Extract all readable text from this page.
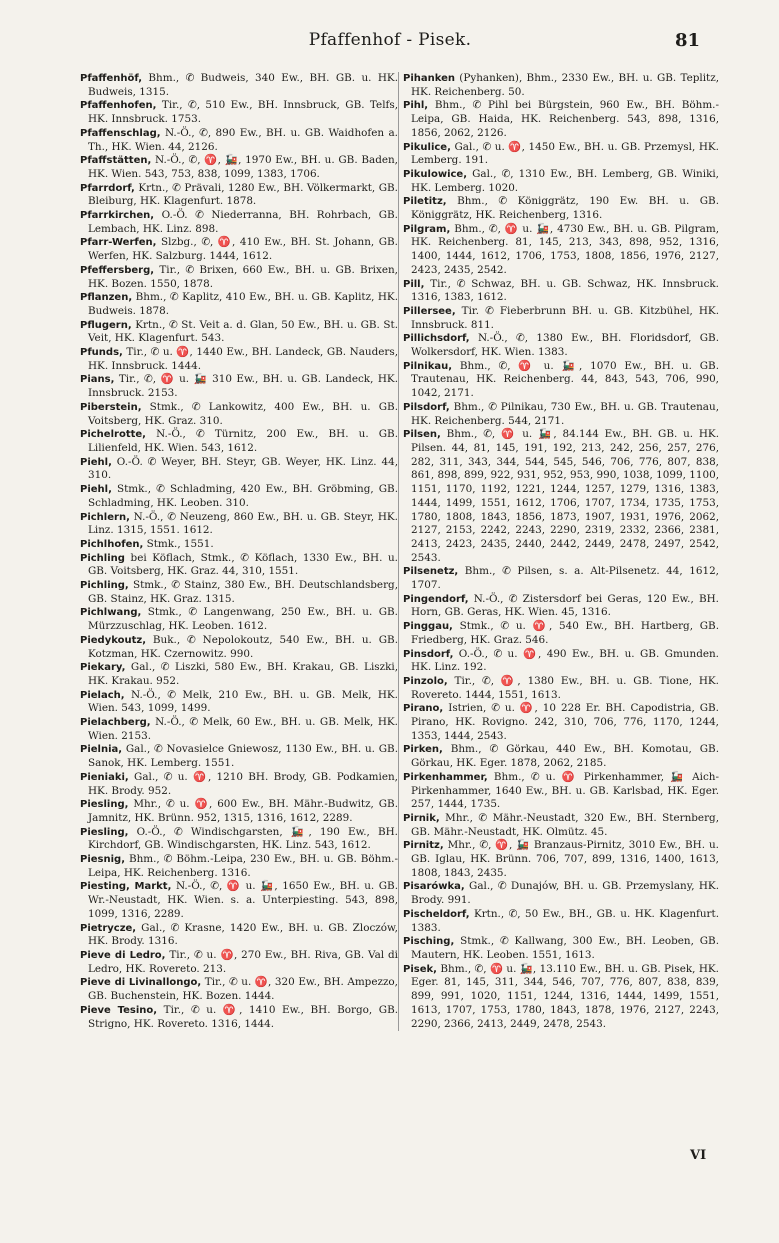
Pfaffenhof - Pisek.	81

Pfaffenhöf, Bhm., ✆ Budweis, 340 Ew., BH. GB. u. HK. Budweis, 1315.

Pfaffenhofen, Tir., ✆, 510 Ew., BH. Innsbruck, GB. Telfs, HK. Innsbruck. 1753.

Pfaffenschlag, N.-Ö., ✆, 890 Ew., BH. u. GB. Waidhofen a. Th., HK. Wien. 44, 2126.

Pfaffstätten, N.-Ö., ✆, ♈, 🚂, 1970 Ew., BH. u. GB. Baden, HK. Wien. 543, 753, 838, 1099, 1383, 1706.

Pfarrdorf, Krtn., ✆ Prävali, 1280 Ew., BH. Völkermarkt, GB. Bleiburg, HK. Klagenfurt. 1878.

Pfarrkirchen, O.-Ö. ✆ Niederranna, BH. Rohrbach, GB. Lembach, HK. Linz. 898.

Pfarr-Werfen, Slzbg., ✆, ♈, 410 Ew., BH. St. Johann, GB. Werfen, HK. Salzburg. 1444, 1612.

Pfeffersberg, Tir., ✆ Brixen, 660 Ew., BH. u. GB. Brixen, HK. Bozen. 1550, 1878.

Pflanzen, Bhm., ✆ Kaplitz, 410 Ew., BH. u. GB. Kaplitz, HK. Budweis. 1878.

Pflugern, Krtn., ✆ St. Veit a. d. Glan, 50 Ew., BH. u. GB. St. Veit, HK. Klagenfurt. 543.

Pfunds, Tir., ✆ u. ♈, 1440 Ew., BH. Landeck, GB. Nauders, HK. Innsbruck. 1444.

Pians, Tir., ✆, ♈ u. 🚂 310 Ew., BH. u. GB. Landeck, HK. Innsbruck. 2153.

Piberstein, Stmk., ✆ Lankowitz, 400 Ew., BH. u. GB. Voitsberg, HK. Graz. 310.

Pichelrotte, N.-Ö., ✆ Türnitz, 200 Ew., BH. u. GB. Lilienfeld, HK. Wien. 543, 1612.

Piehl, O.-Ö. ✆ Weyer, BH. Steyr, GB. Weyer, HK. Linz. 44, 310.

Piehl, Stmk., ✆ Schladming, 420 Ew., BH. Gröbming, GB. Schladming, HK. Leoben. 310.

Pichlern, N.-Ö., ✆ Neuzeng, 860 Ew., BH. u. GB. Steyr, HK. Linz. 1315, 1551. 1612.

Pichlhofen, Stmk., 1551.

Pichling bei Köflach, Stmk., ✆ Köflach, 1330 Ew., BH. u. GB. Voitsberg, HK. Graz. 44, 310, 1551.

Pichling, Stmk., ✆ Stainz, 380 Ew., BH. Deutschlandsberg, GB. Stainz, HK. Graz. 1315.

Pichlwang, Stmk., ✆ Langenwang, 250 Ew., BH. u. GB. Mürzzuschlag, HK. Leoben. 1612.

Piedykoutz, Buk., ✆ Nepolokoutz, 540 Ew., BH. u. GB. Kotzman, HK. Czernowitz. 990.

Piekary, Gal., ✆ Liszki, 580 Ew., BH. Krakau, GB. Liszki, HK. Krakau. 952.

Pielach, N.-Ö., ✆ Melk, 210 Ew., BH. u. GB. Melk, HK. Wien. 543, 1099, 1499.

Pielachberg, N.-Ö., ✆ Melk, 60 Ew., BH. u. GB. Melk, HK. Wien. 2153.

Pielnia, Gal., ✆ Novasielce Gniewosz, 1130 Ew., BH. u. GB. Sanok, HK. Lemberg. 1551.

Pieniaki, Gal., ✆ u. ♈, 1210 BH. Brody, GB. Podkamien, HK. Brody. 952.

Piesling, Mhr., ✆ u. ♈, 600 Ew., BH. Mähr.-Budwitz, GB. Jamnitz, HK. Brünn. 952, 1315, 1316, 1612, 2289.

Piesling, O.-Ö., ✆ Windischgarsten, 🚂, 190 Ew., BH. Kirchdorf, GB. Windischgarsten, HK. Linz. 543, 1612.

Piesnig, Bhm., ✆ Böhm.-Leipa, 230 Ew., BH. u. GB. Böhm.-Leipa, HK. Reichenberg. 1316.

Piesting, Markt, N.-Ö., ✆, ♈ u. 🚂, 1650 Ew., BH. u. GB. Wr.-Neustadt, HK. Wien. s. a. Unterpiesting. 543, 898, 1099, 1316, 2289.

Pietrycze, Gal., ✆ Krasne, 1420 Ew., BH. u. GB. Zloczów, HK. Brody. 1316.

Pieve di Ledro, Tir., ✆ u. ♈, 270 Ew., BH. Riva, GB. Val di Ledro, HK. Rovereto. 213.

Pieve di Livinallongo, Tir., ✆ u. ♈, 320 Ew., BH. Ampezzo, GB. Buchenstein, HK. Bozen. 1444.

Pieve Tesino, Tir., ✆ u. ♈, 1410 Ew., BH. Borgo, GB. Strigno, HK. Rovereto. 1316, 1444.

Pihanken (Pyhanken), Bhm., 2330 Ew., BH. u. GB. Teplitz, HK. Reichenberg. 50.

Pihl, Bhm., ✆ Pihl bei Bürgstein, 960 Ew., BH. Böhm.-Leipa, GB. Haida, HK. Reichenberg. 543, 898, 1316, 1856, 2062, 2126.

Pikulice, Gal., ✆ u. ♈, 1450 Ew., BH. u. GB. Przemysl, HK. Lemberg. 191.

Pikulowice, Gal., ✆, 1310 Ew., BH. Lemberg, GB. Winiki, HK. Lemberg. 1020.

Piletitz, Bhm., ✆ Königgrätz, 190 Ew. BH. u. GB. Königgrätz, HK. Reichenberg, 1316.

Pilgram, Bhm., ✆, ♈ u. 🚂, 4730 Ew., BH. u. GB. Pilgram, HK. Reichenberg. 81, 145, 213, 343, 898, 952, 1316, 1400, 1444, 1612, 1706, 1753, 1808, 1856, 1976, 2127, 2423, 2435, 2542.

Pill, Tir., ✆ Schwaz, BH. u. GB. Schwaz, HK. Innsbruck. 1316, 1383, 1612.

Pillersee, Tir. ✆ Fieberbrunn BH. u. GB. Kitzbühel, HK. Innsbruck. 811.

Pillichsdorf, N.-Ö., ✆, 1380 Ew., BH. Floridsdorf, GB. Wolkersdorf, HK. Wien. 1383.

Pilnikau, Bhm., ✆, ♈ u. 🚂, 1070 Ew., BH. u. GB. Trautenau, HK. Reichenberg. 44, 843, 543, 706, 990, 1042, 2171.

Pilsdorf, Bhm., ✆ Pilnikau, 730 Ew., BH. u. GB. Trautenau, HK. Reichenberg. 544, 2171.

Pilsen, Bhm., ✆, ♈ u. 🚂, 84.144 Ew., BH. GB. u. HK. Pilsen. 44, 81, 145, 191, 192, 213, 242, 256, 257, 276, 282, 311, 343, 344, 544, 545, 546, 706, 776, 807, 838, 861, 898, 899, 922, 931, 952, 953, 990, 1038, 1099, 1100, 1151, 1170, 1192, 1221, 1244, 1257, 1279, 1316, 1383, 1444, 1499, 1551, 1612, 1706, 1707, 1734, 1735, 1753, 1780, 1808, 1843, 1856, 1873, 1907, 1931, 1976, 2062, 2127, 2153, 2242, 2243, 2290, 2319, 2332, 2366, 2381, 2413, 2423, 2435, 2440, 2442, 2449, 2478, 2497, 2542, 2543.

Pilsenetz, Bhm., ✆ Pilsen, s. a. Alt-Pilsenetz. 44, 1612, 1707.

Pingendorf, N.-Ö., ✆ Zistersdorf bei Geras, 120 Ew., BH. Horn, GB. Geras, HK. Wien. 45, 1316.

Pinggau, Stmk., ✆ u. ♈, 540 Ew., BH. Hartberg, GB. Friedberg, HK. Graz. 546.

Pinsdorf, O.-Ö., ✆ u. ♈, 490 Ew., BH. u. GB. Gmunden. HK. Linz. 192.

Pinzolo, Tir., ✆, ♈, 1380 Ew., BH. u. GB. Tione, HK. Rovereto. 1444, 1551, 1613.

Pirano, Istrien, ✆ u. ♈, 10 228 Er. BH. Capodistria, GB. Pirano, HK. Rovigno. 242, 310, 706, 776, 1170, 1244, 1353, 1444, 2543.

Pirken, Bhm., ✆ Görkau, 440 Ew., BH. Komotau, GB. Görkau, HK. Eger. 1878, 2062, 2185.

Pirkenhammer, Bhm., ✆ u. ♈ Pirkenhammer, 🚂 Aich-Pirkenhammer, 1640 Ew., BH. u. GB. Karlsbad, HK. Eger. 257, 1444, 1735.

Pirnik, Mhr., ✆ Mähr.-Neustadt, 320 Ew., BH. Sternberg, GB. Mähr.-Neustadt, HK. Olmütz. 45.

Pirnitz, Mhr., ✆, ♈, 🚂 Branzaus-Pirnitz, 3010 Ew., BH. u. GB. Iglau, HK. Brünn. 706, 707, 899, 1316, 1400, 1613, 1808, 1843, 2435.

Pisarówka, Gal., ✆ Dunajów, BH. u. GB. Przemyslany, HK. Brody. 991.

Pischeldorf, Krtn., ✆, 50 Ew., BH., GB. u. HK. Klagenfurt. 1383.

Pisching, Stmk., ✆ Kallwang, 300 Ew., BH. Leoben, GB. Mautern, HK. Leoben. 1551, 1613.

Pisek, Bhm., ✆, ♈ u. 🚂, 13.110 Ew., BH. u. GB. Pisek, HK. Eger. 81, 145, 311, 344, 546, 707, 776, 807, 838, 839, 899, 991, 1020, 1151, 1244, 1316, 1444, 1499, 1551, 1613, 1707, 1753, 1780, 1843, 1878, 1976, 2127, 2243, 2290, 2366, 2413, 2449, 2478, 2543.

VI
